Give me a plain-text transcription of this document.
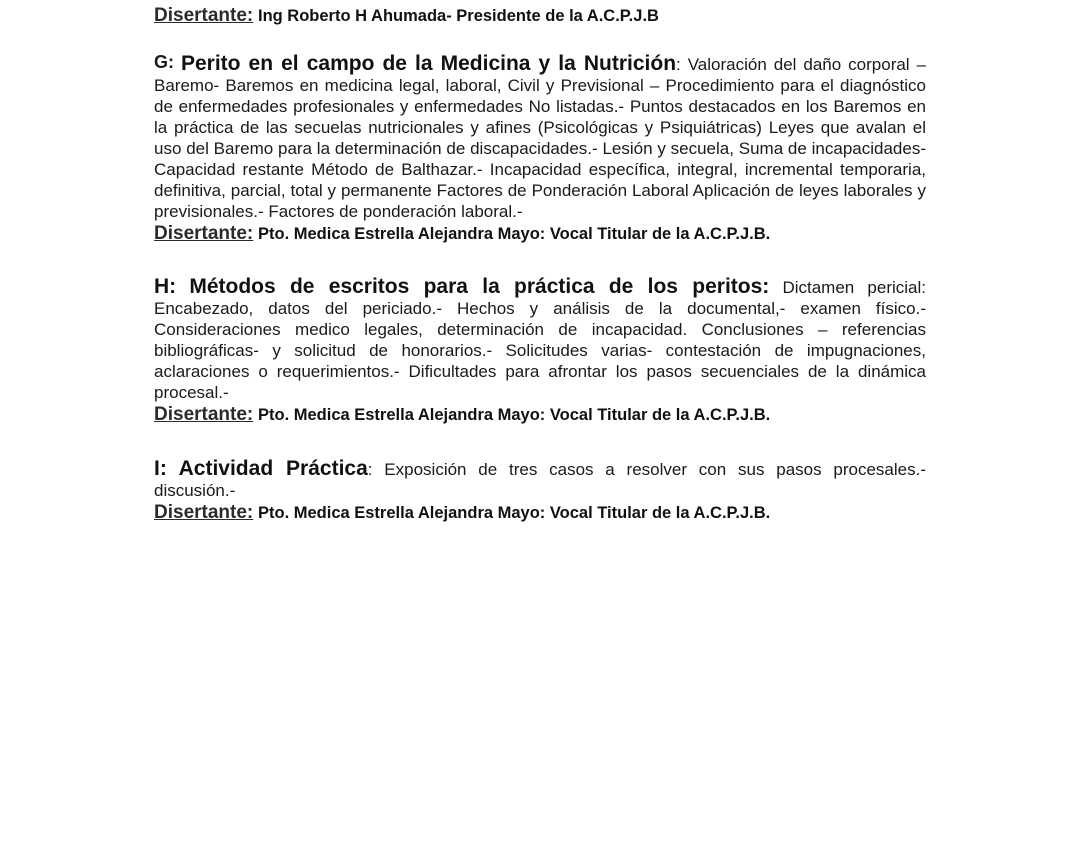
Disertante: Ing Roberto H Ahumada- Presidente de la A.C.P.J.B

G: Perito en el campo de la Medicina y la Nutrición: Valoración del daño corporal – Baremo- Baremos en medicina legal, laboral, Civil y Previsional – Procedimiento para el diagnóstico de enfermedades profesionales y enfermedades No listadas.- Puntos destacados en los Baremos en la práctica de las secuelas nutricionales y afines (Psicológicas y Psiquiátricas) Leyes que avalan el uso del Baremo para la determinación de discapacidades.- Lesión y secuela, Suma de incapacidades- Capacidad restante Método de Balthazar.- Incapacidad específica, integral, incremental temporaria, definitiva, parcial, total y permanente Factores de Ponderación Laboral Aplicación de leyes laborales y previsionales.- Factores de ponderación laboral.-

Disertante: Pto. Medica Estrella Alejandra Mayo: Vocal Titular de la A.C.P.J.B.

H: Métodos de escritos para la práctica de los peritos: Dictamen pericial: Encabezado, datos del periciado.- Hechos y análisis de la documental,- examen físico.- Consideraciones medico legales, determinación de incapacidad. Conclusiones – referencias bibliográficas- y solicitud de honorarios.- Solicitudes varias- contestación de impugnaciones, aclaraciones o requerimientos.- Dificultades para afrontar los pasos secuenciales de la dinámica procesal.-

Disertante: Pto. Medica Estrella Alejandra Mayo: Vocal Titular de la A.C.P.J.B.

I: Actividad Práctica: Exposición de tres casos a resolver con sus pasos procesales.- discusión.-

Disertante: Pto. Medica Estrella Alejandra Mayo: Vocal Titular de la A.C.P.J.B.
